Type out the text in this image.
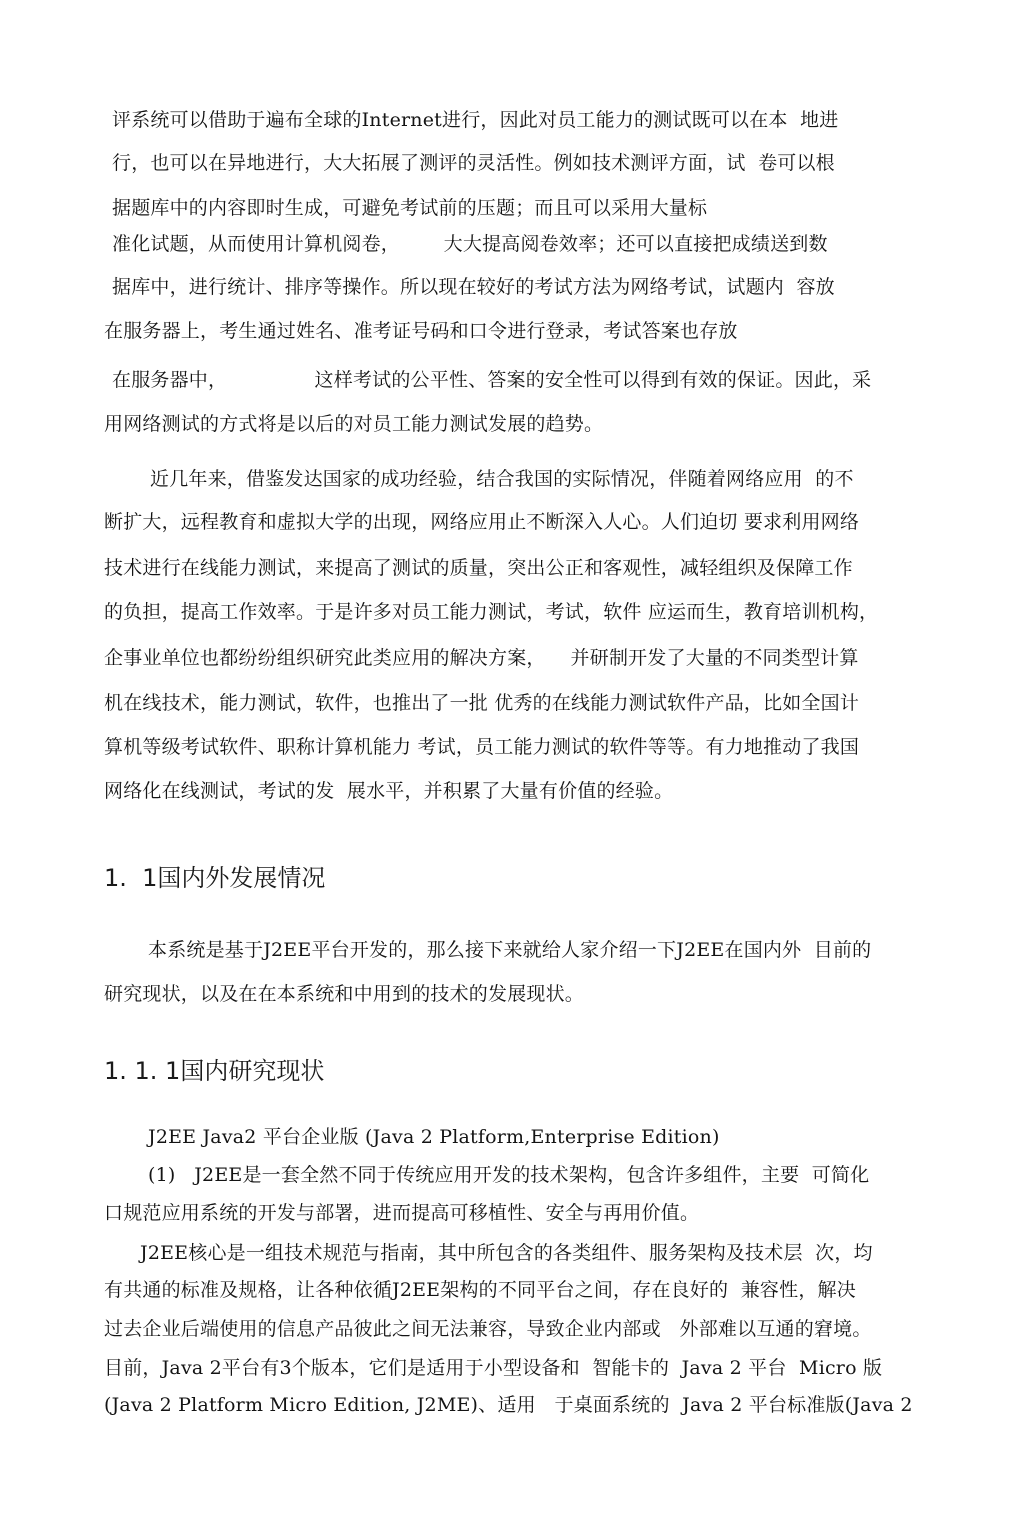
评系统可以借助于遍布全球的Internet进行，因此对员工能力的测试既可以在本  地进
行，也可以在异地进行，大大拓展了测评的灵活性。例如技术测评方面，试  卷可以根
据题库中的内容即时生成，可避免考试前的压题；而且可以采用大量标
准化试题，从而使用计算机阅卷，       大大提高阅卷效率；还可以直接把成绩送到数
据库中，进行统计、排序等操作。所以现在较好的考试方法为网络考试，试题内  容放
在服务器上，考生通过姓名、准考证号码和口令进行登录，考试答案也存放
在服务器中，              这样考试的公平性、答案的安全性可以得到有效的保证。因此，采
用网络测试的方式将是以后的对员工能力测试发展的趋势。
近几年来，借鉴发达国家的成功经验，结合我国的实际情况，伴随着网络应用  的不
断扩大，远程教育和虚拟大学的出现，网络应用止不断深入人心。人们迫切 要求利用网络
技术进行在线能力测试，来提高了测试的质量，突出公正和客观性，减轻组织及保障工作
的负担，提高工作效率。于是许多对员工能力测试，考试，软件 应运而生，教育培训机构，
企事业单位也都纷纷组织研究此类应用的解决方案，    并研制开发了大量的不同类型计算
机在线技术，能力测试，软件，也推出了一批 优秀的在线能力测试软件产品，比如全国计
算机等级考试软件、职称计算机能力 考试，员工能力测试的软件等等。有力地推动了我国
网络化在线测试，考试的发  展水平，并积累了大量有价值的经验。
1.  1国内外发展情况
本系统是基于J2EE平台开发的，那么接下来就给人家介绍一下J2EE在国内外  目前的
研究现状，以及在在本系统和中用到的技术的发展现状。
1. 1. 1国内研究现状
J2EE Java2 平台企业版 (Java 2 Platform,Enterprise Edition)
(1)   J2EE是一套全然不同于传统应用开发的技术架构，包含许多组件，主要  可简化
口规范应用系统的开发与部署，进而提高可移植性、安全与再用价值。
J2EE核心是一组技术规范与指南，其中所包含的各类组件、服务架构及技术层  次，均
有共通的标准及规格，让各种依循J2EE架构的不同平台之间，存在良好的  兼容性，解决
过去企业后端使用的信息产品彼此之间无法兼容，导致企业内部或   外部难以互通的窘境。
目前，Java 2平台有3个版本，它们是适用于小型设备和  智能卡的  Java 2 平台  Micro 版
(Java 2 Platform Micro Edition, J2ME)、适用   于桌面系统的  Java 2 平台标准版(Java 2
